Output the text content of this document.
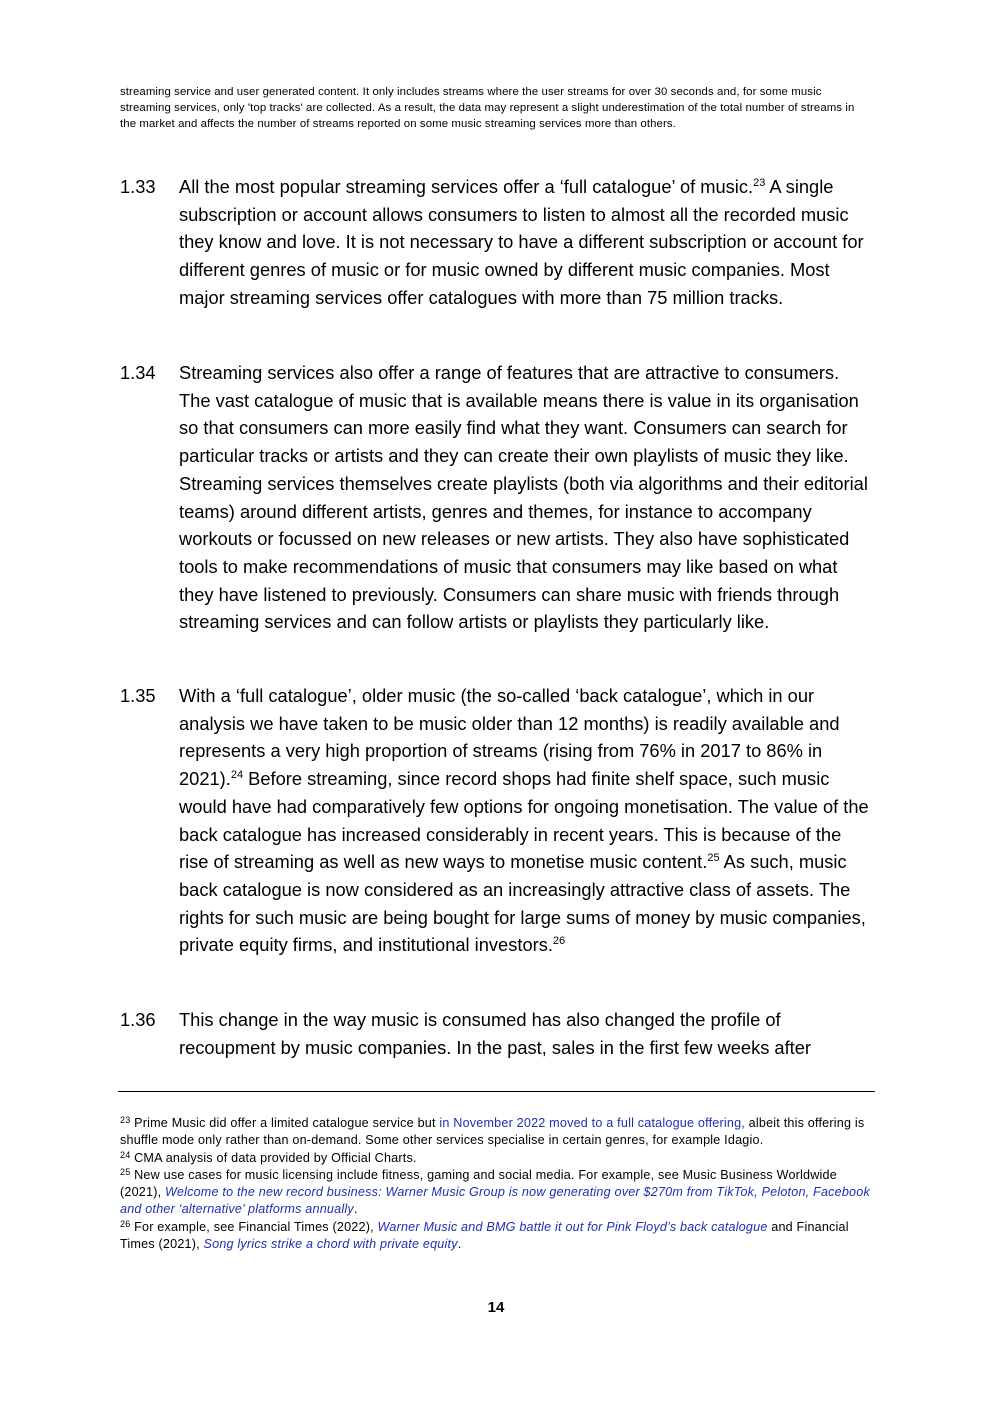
streaming service and user generated content. It only includes streams where the user streams for over 30 seconds and, for some music streaming services, only 'top tracks' are collected. As a result, the data may represent a slight underestimation of the total number of streams in the market and affects the number of streams reported on some music streaming services more than others.
1.33 All the most popular streaming services offer a ‘full catalogue’ of music.$^{23}$ A single subscription or account allows consumers to listen to almost all the recorded music they know and love. It is not necessary to have a different subscription or account for different genres of music or for music owned by different music companies. Most major streaming services offer catalogues with more than 75 million tracks.
1.34 Streaming services also offer a range of features that are attractive to consumers. The vast catalogue of music that is available means there is value in its organisation so that consumers can more easily find what they want. Consumers can search for particular tracks or artists and they can create their own playlists of music they like. Streaming services themselves create playlists (both via algorithms and their editorial teams) around different artists, genres and themes, for instance to accompany workouts or focussed on new releases or new artists. They also have sophisticated tools to make recommendations of music that consumers may like based on what they have listened to previously. Consumers can share music with friends through streaming services and can follow artists or playlists they particularly like.
1.35 With a ‘full catalogue’, older music (the so-called ‘back catalogue’, which in our analysis we have taken to be music older than 12 months) is readily available and represents a very high proportion of streams (rising from 76% in 2017 to 86% in 2021).$^{24}$ Before streaming, since record shops had finite shelf space, such music would have had comparatively few options for ongoing monetisation. The value of the back catalogue has increased considerably in recent years. This is because of the rise of streaming as well as new ways to monetise music content.$^{25}$ As such, music back catalogue is now considered as an increasingly attractive class of assets. The rights for such music are being bought for large sums of money by music companies, private equity firms, and institutional investors.$^{26}$
1.36 This change in the way music is consumed has also changed the profile of recoupment by music companies. In the past, sales in the first few weeks after
$^{23}$ Prime Music did offer a limited catalogue service but in November 2022 moved to a full catalogue offering, albeit this offering is shuffle mode only rather than on-demand. Some other services specialise in certain genres, for example Idagio.
$^{24}$ CMA analysis of data provided by Official Charts.
$^{25}$ New use cases for music licensing include fitness, gaming and social media. For example, see Music Business Worldwide (2021), Welcome to the new record business: Warner Music Group is now generating over $270m from TikTok, Peloton, Facebook and other ‘alternative’ platforms annually.
$^{26}$ For example, see Financial Times (2022), Warner Music and BMG battle it out for Pink Floyd’s back catalogue and Financial Times (2021), Song lyrics strike a chord with private equity.
14
